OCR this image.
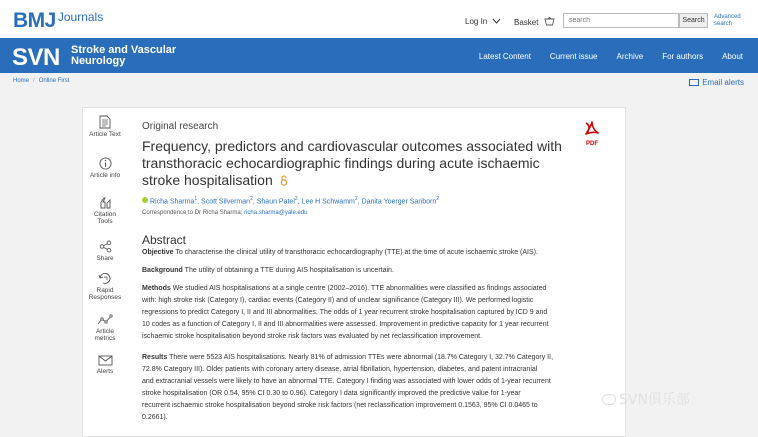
BMJ $^{Journals}$	Log In	Basket
search	Search	Advanced search
SVN Stroke and Vascular
Neurology	Latest Content Current issue Archive For authors About
Home / Online First	Email alerts
Article Text
Article info
Citation Tools
Share
Rapid Responses
Article metrics
Alerts
Original research
PDF
Frequency, predictors and cardiovascular outcomes associated with transthoracic echocardiographic findings during acute ischaemic stroke hospitalisation
Richa Sharma$^1$, Scott Silverman$^2$, Shaun Patel$^2$, Lee H Schwamm$^2$, Danita Yoerger Sanborn$^2$
Correspondence to Dr Richa Sharma; richa.sharma@yale.edu
Abstract
Objective To characterise the clinical utility of transthoracic echocardiography (TTE) at the time of acute ischaemic stroke (AIS).
Background The utility of obtaining a TTE during AIS hospitalisation is uncertain.
Methods We studied AIS hospitalisations at a single centre (2002–2016). TTE abnormalities were classified as findings associated
with: high stroke risk (Category I), cardiac events (Category II) and of unclear significance (Category III). We performed logistic
regressions to predict Category I, II and III abnormalities. The odds of 1 year recurrent stroke hospitalisation captured by ICD 9 and
10 codes as a function of Category I, II and III abnormalities were assessed. Improvement in predictive capacity for 1 year recurrent
ischaemic stroke hospitalisation beyond stroke risk factors was evaluated by net reclassification improvement.
Results There were 5523 AIS hospitalisations. Nearly 81% of admission TTEs were abnormal (18.7% Category I, 32.7% Category II,
72.8% Category III). Older patients with coronary artery disease, atrial fibrillation, hypertension, diabetes, and patent intracranial
and extracranial vessels were likely to have an abnormal TTE. Category I finding was associated with lower odds of 1-year recurrent
stroke hospitalisation (OR 0.54, 95% CI 0.30 to 0.96). Category I data significantly improved the predictive value for 1-year
recurrent ischaemic stroke hospitalisation beyond stroke risk factors (net reclassification improvement 0.1563, 95% CI 0.0465 to
0.2661).
SVN俱乐部
